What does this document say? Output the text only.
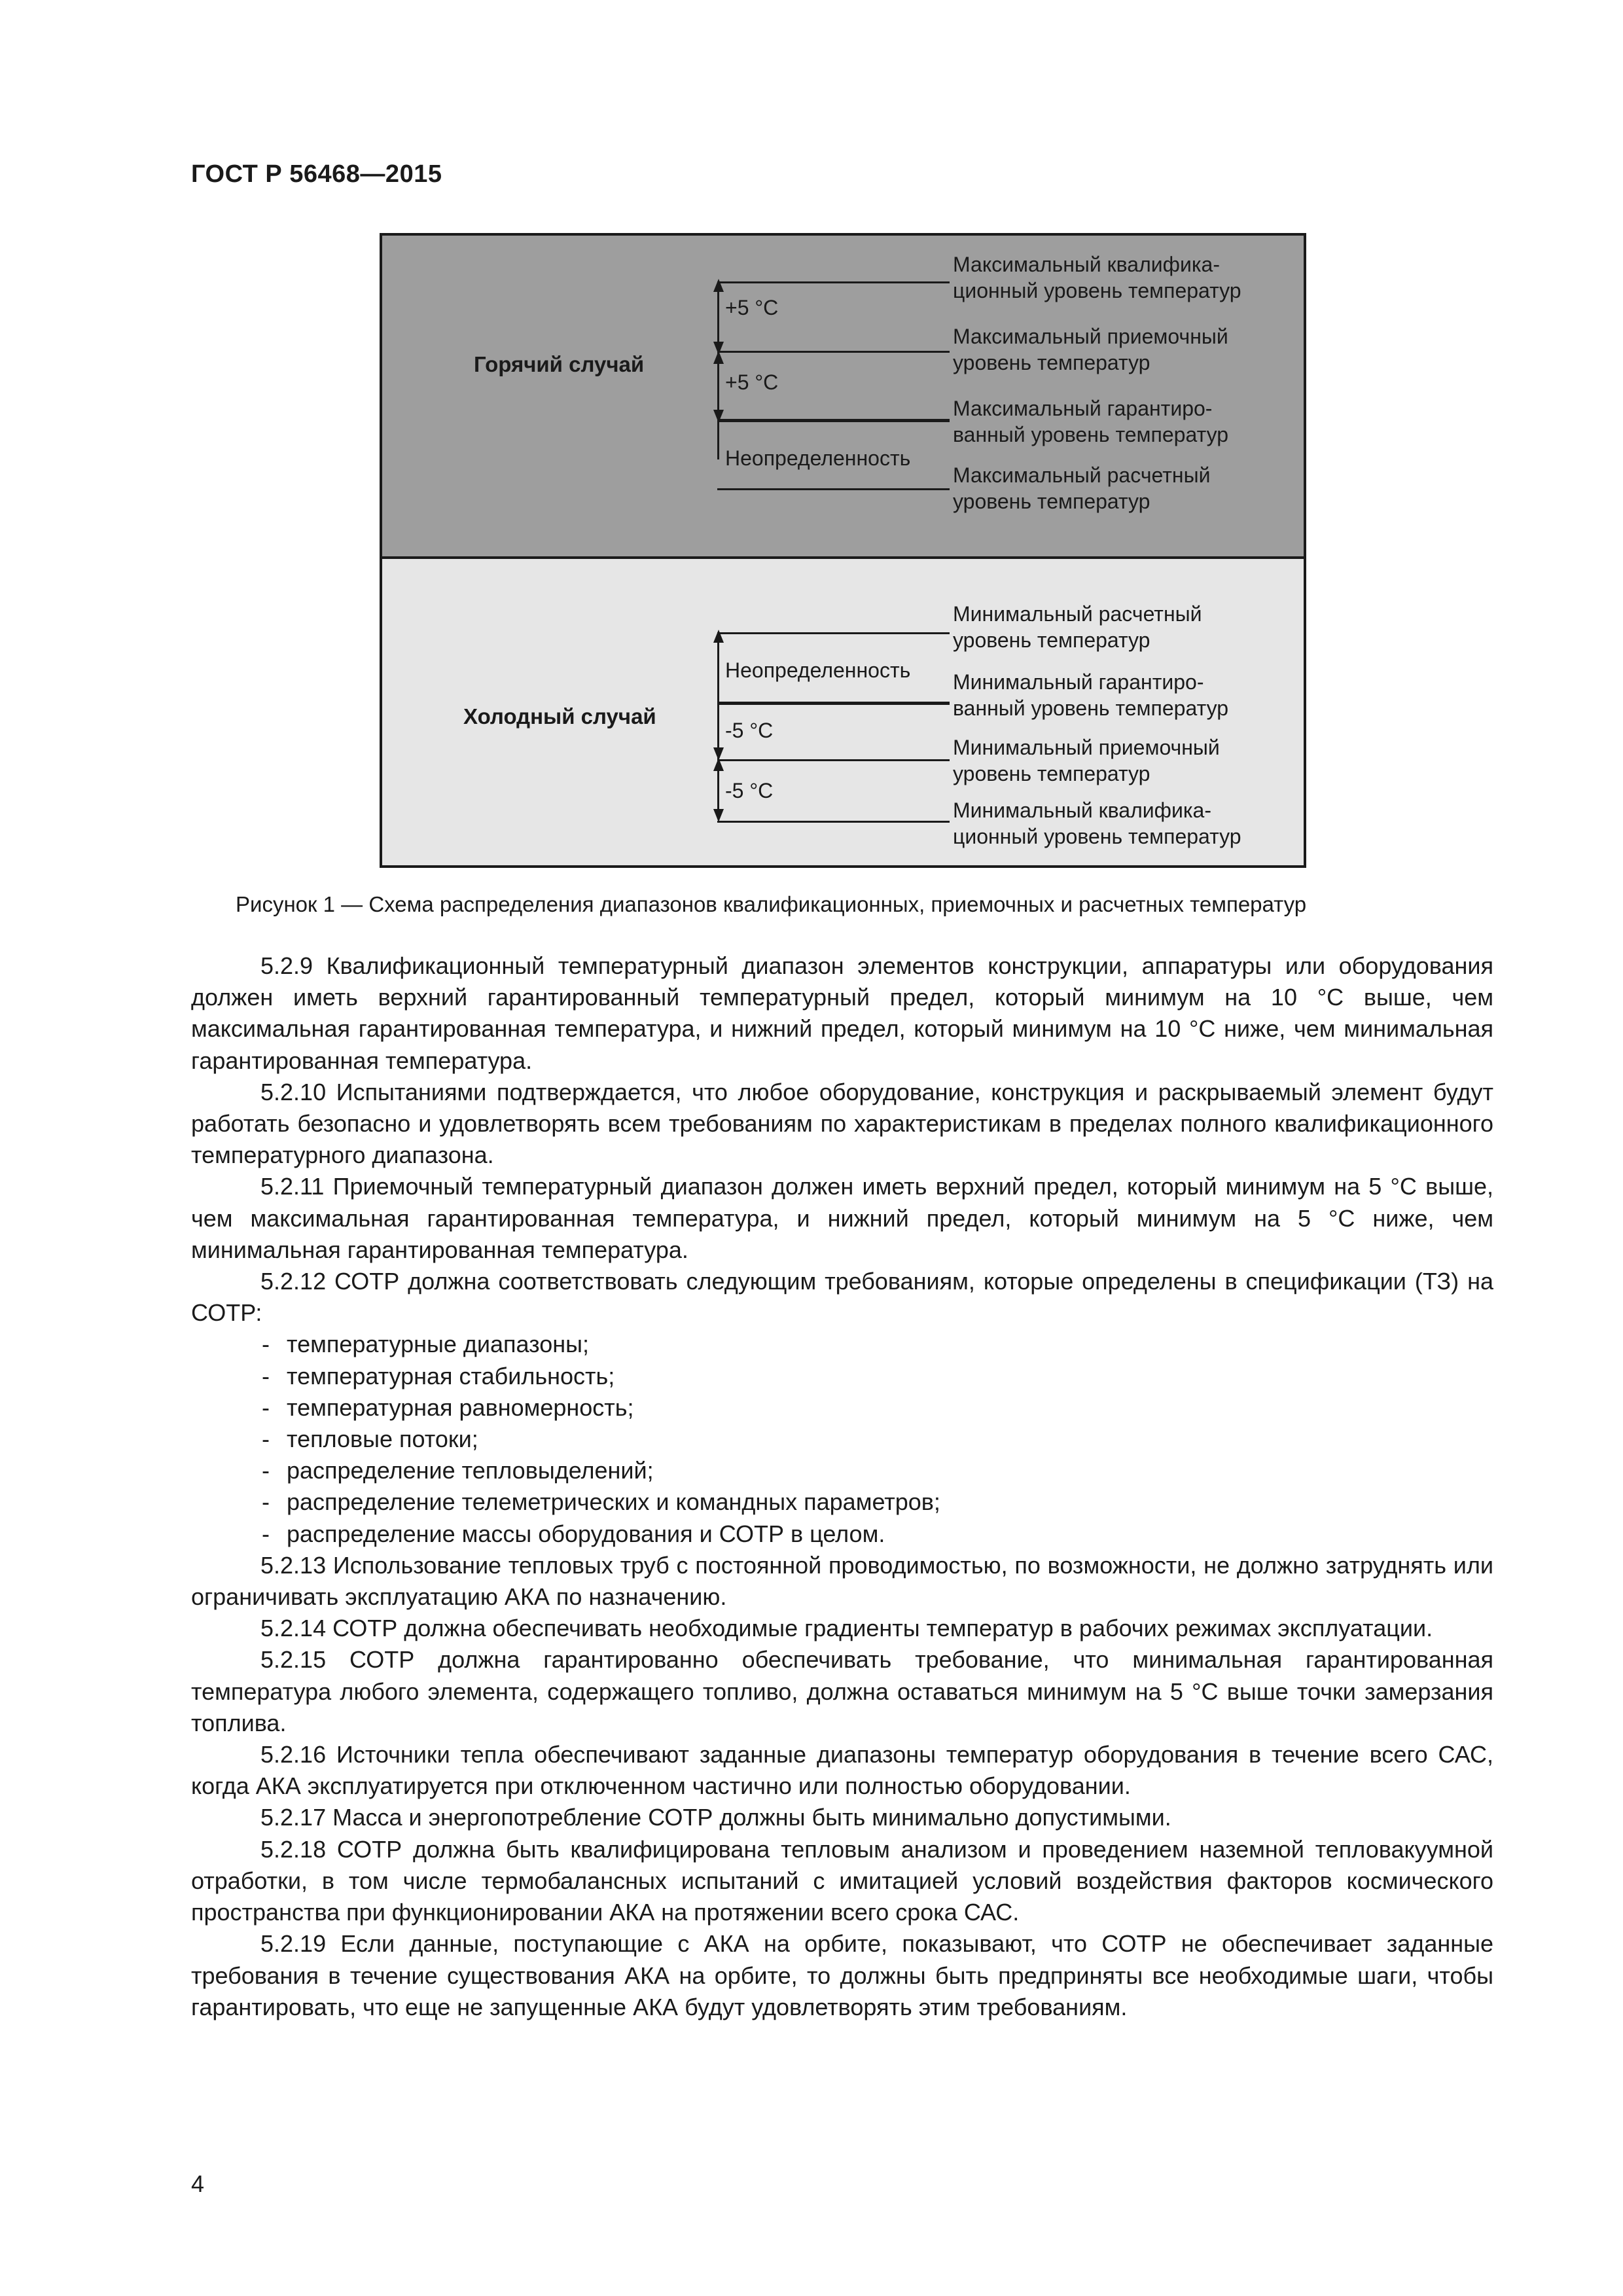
ГОСТ Р 56468—2015
Горячий случай
+5 °C
+5 °C
Неопределенность
Максимальный квалифика-
ционный уровень температур
Максимальный приемочный
уровень температур
Максимальный гарантиро-
ванный уровень температур
Максимальный расчетный
уровень температур
Холодный случай
Неопределенность
-5 °C
-5 °C
Минимальный расчетный
уровень температур
Минимальный гарантиро-
ванный уровень температур
Минимальный приемочный
уровень температур
Минимальный квалифика-
ционный уровень температур
Рисунок 1 — Схема распределения диапазонов квалификационных, приемочных и расчетных температур

5.2.9 Квалификационный температурный диапазон элементов конструкции, аппаратуры или оборудования должен иметь верхний гарантированный температурный предел, который минимум на 10 °С выше, чем максимальная гарантированная температура, и нижний предел, который минимум на 10 °С ниже, чем минимальная гарантированная температура.

5.2.10 Испытаниями подтверждается, что любое оборудование, конструкция и раскрываемый элемент будут работать безопасно и удовлетворять всем требованиям по характеристикам в пределах полного квалификационного температурного диапазона.

5.2.11 Приемочный температурный диапазон должен иметь верхний предел, который минимум на 5 °С выше, чем максимальная гарантированная температура, и нижний предел, который минимум на 5 °С ниже, чем минимальная гарантированная температура.

5.2.12 СОТР должна соответствовать следующим требованиям, которые определены в спецификации (ТЗ) на СОТР:

- температурные диапазоны;

- температурная стабильность;

- температурная равномерность;

- тепловые потоки;

- распределение тепловыделений;

- распределение телеметрических и командных параметров;

- распределение массы оборудования и СОТР в целом.

5.2.13 Использование тепловых труб с постоянной проводимостью, по возможности, не должно затруднять или ограничивать эксплуатацию АКА по назначению.

5.2.14 СОТР должна обеспечивать необходимые градиенты температур в рабочих режимах эксплуатации.

5.2.15 СОТР должна гарантированно обеспечивать требование, что минимальная гарантированная температура любого элемента, содержащего топливо, должна оставаться минимум на 5 °С выше точки замерзания топлива.

5.2.16 Источники тепла обеспечивают заданные диапазоны температур оборудования в течение всего САС, когда АКА эксплуатируется при отключенном частично или полностью оборудовании.

5.2.17 Масса и энергопотребление СОТР должны быть минимально допустимыми.

5.2.18 СОТР должна быть квалифицирована тепловым анализом и проведением наземной тепловакуумной отработки, в том числе термобалансных испытаний с имитацией условий воздействия факторов космического пространства при функционировании АКА на протяжении всего срока САС.

5.2.19 Если данные, поступающие с АКА на орбите, показывают, что СОТР не обеспечивает заданные требования в течение существования АКА на орбите, то должны быть предприняты все необходимые шаги, чтобы гарантировать, что еще не запущенные АКА будут удовлетворять этим требованиям.

4
